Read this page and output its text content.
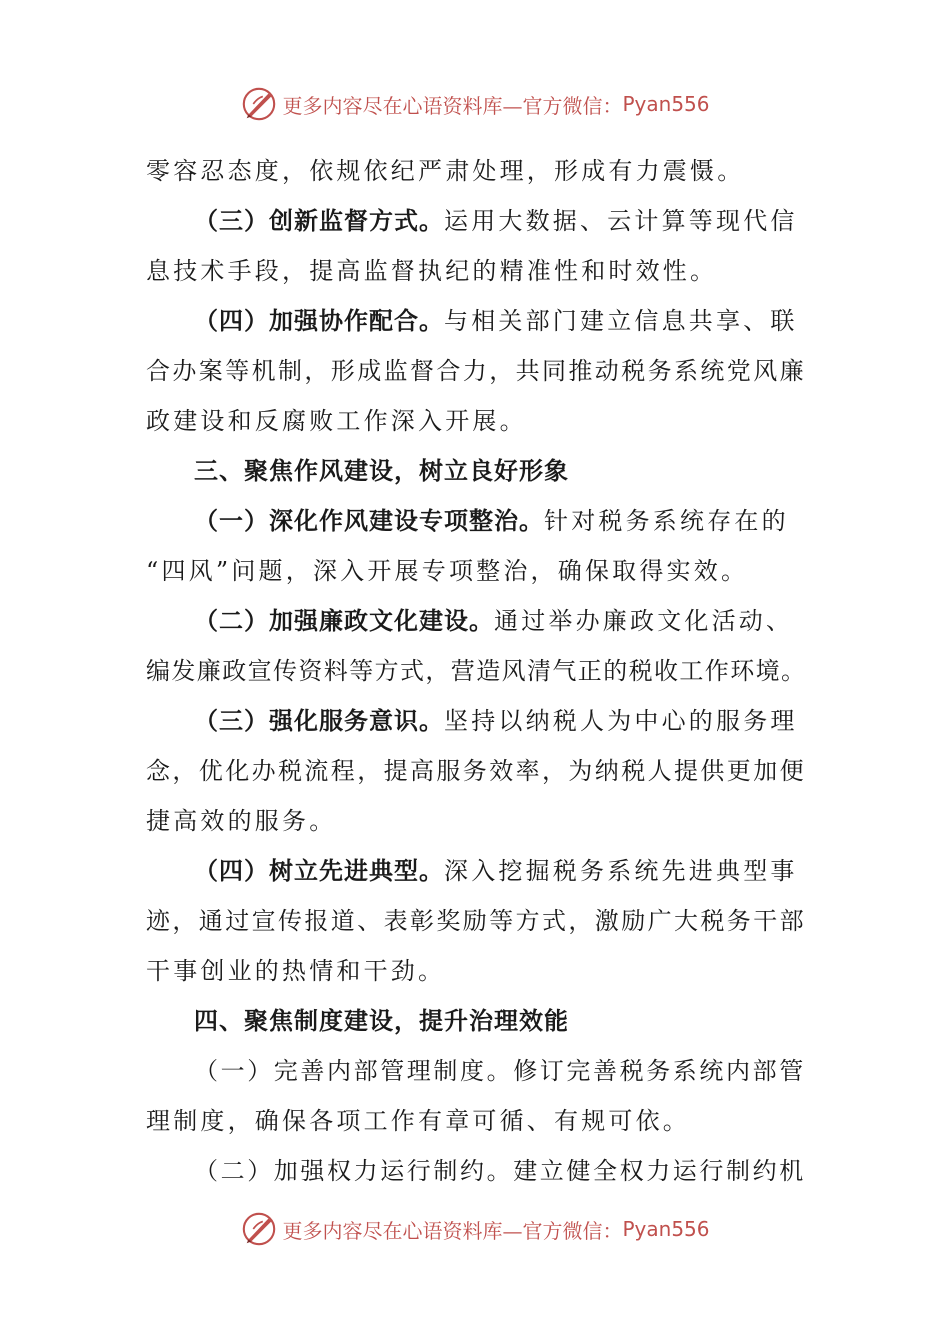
更多内容尽在心语资料库—官方微信： Pyan556
零容忍态度，依规依纪严肃处理，形成有力震慑。
（三）创新监督方式。运用大数据、云计算等现代信
息技术手段，提高监督执纪的精准性和时效性。
（四）加强协作配合。与相关部门建立信息共享、联
合办案等机制，形成监督合力，共同推动税务系统党风廉
政建设和反腐败工作深入开展。
三、聚焦作风建设，树立良好形象
（一）深化作风建设专项整治。针对税务系统存在的
“四风”问题，深入开展专项整治，确保取得实效。
（二）加强廉政文化建设。通过举办廉政文化活动、
编发廉政宣传资料等方式，营造风清气正的税收工作环境。
（三）强化服务意识。坚持以纳税人为中心的服务理
念，优化办税流程，提高服务效率，为纳税人提供更加便
捷高效的服务。
（四）树立先进典型。深入挖掘税务系统先进典型事
迹，通过宣传报道、表彰奖励等方式，激励广大税务干部
干事创业的热情和干劲。
四、聚焦制度建设，提升治理效能
（一）完善内部管理制度。修订完善税务系统内部管
理制度，确保各项工作有章可循、有规可依。
（二）加强权力运行制约。建立健全权力运行制约机
更多内容尽在心语资料库—官方微信： Pyan556
